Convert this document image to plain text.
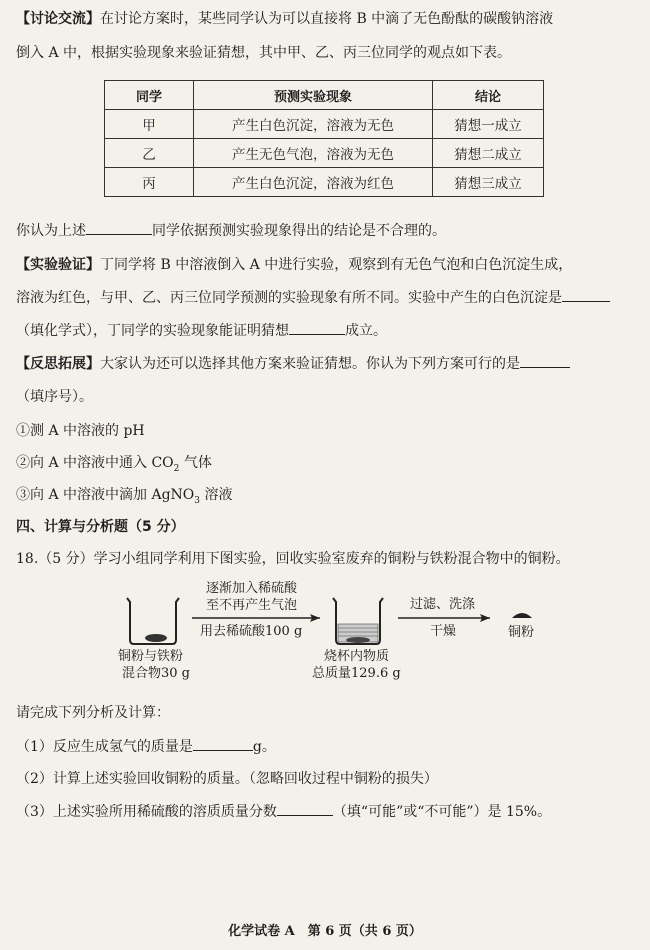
【讨论交流】在讨论方案时，某些同学认为可以直接将 B 中滴了无色酚酞的碳酸钠溶液
倒入 A 中，根据实验现象来验证猜想，其中甲、乙、丙三位同学的观点如下表。
同学	预测实验现象	结论
甲	产生白色沉淀，溶液为无色	猜想一成立
乙	产生无色气泡，溶液为无色	猜想二成立
丙	产生白色沉淀，溶液为红色	猜想三成立
你认为上述	同学依据预测实验现象得出的结论是不合理的。
【实验验证】丁同学将 B 中溶液倒入 A 中进行实验，观察到有无色气泡和白色沉淀生成，
溶液为红色，与甲、乙、丙三位同学预测的实验现象有所不同。实验中产生的白色沉淀是
（填化学式），丁同学的实验现象能证明猜想	成立。
【反思拓展】大家认为还可以选择其他方案来验证猜想。你认为下列方案可行的是
（填序号）。
①测 A 中溶液的 pH
②向 A 中溶液中通入 $CO_2$ 气体
③向 A 中溶液中滴加 AgNO$_3$ 溶液
四、计算与分析题（5 分）
18.（5 分）学习小组同学利用下图实验，回收实验室废弃的铜粉与铁粉混合物中的铜粉。
铜粉与铁粉
混合物30 g
逐渐加入稀硫酸
至不再产生气泡
用去稀硫酸100 g
烧杯内物质
总质量129.6 g
过滤、洗涤
干燥	铜粉
请完成下列分析及计算：
（1）反应生成氢气的质量是	g。
（2）计算上述实验回收铜粉的质量。（忽略回收过程中铜粉的损失）
（3）上述实验所用稀硫酸的溶质质量分数	（填“可能”或“不可能”）是 15%。
化学试卷 A　第 6 页（共 6 页）
